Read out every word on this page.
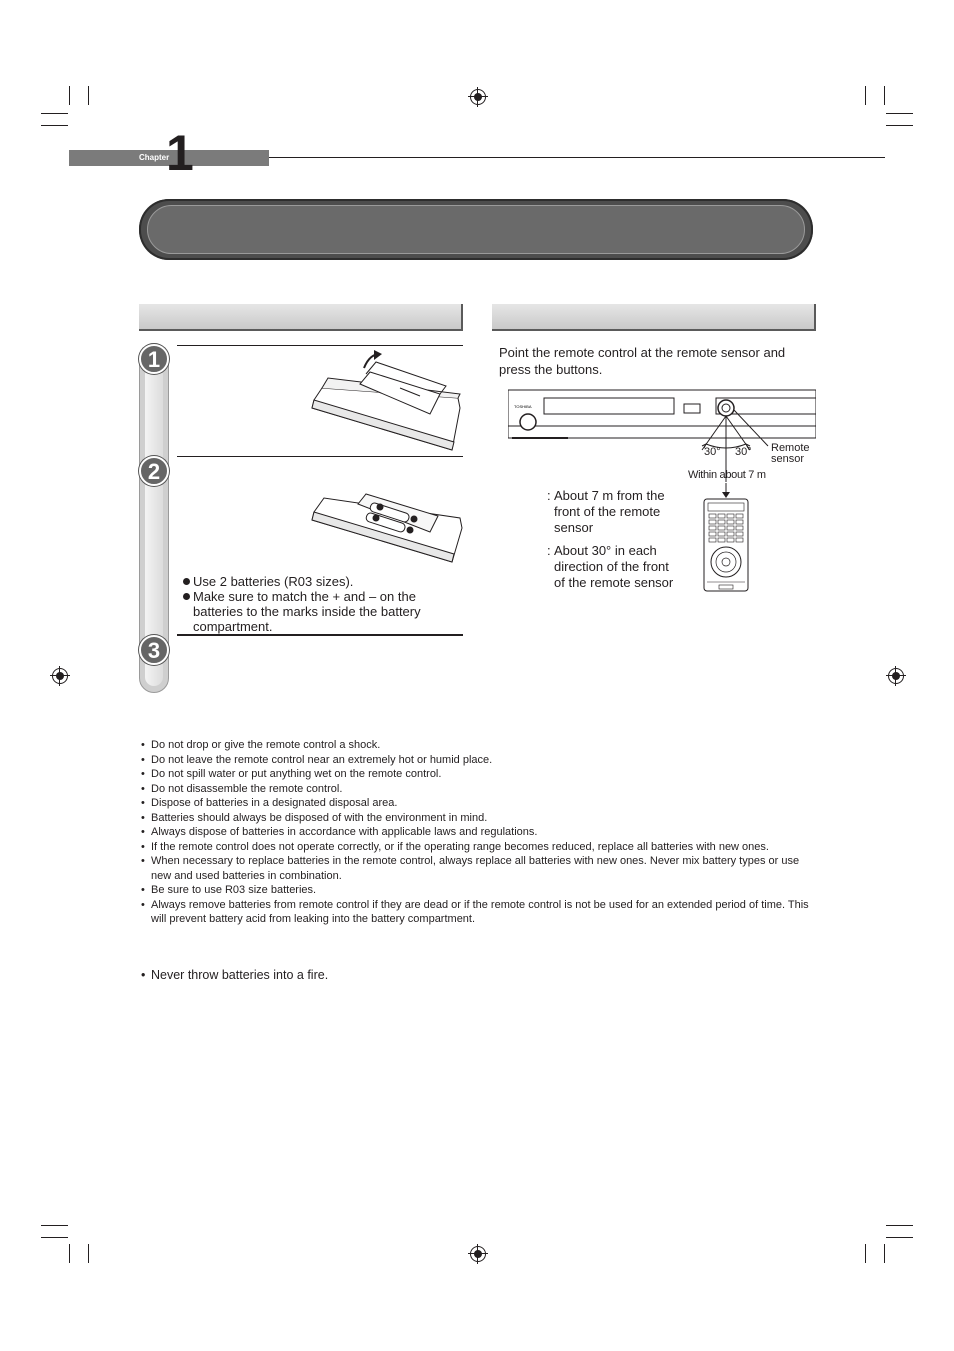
Chapter
1
1
2
3
Use 2 batteries (R03 sizes).
Make sure to match the + and – on the batteries to the marks inside the battery compartment.
Point the remote control at the remote sensor and press the buttons.
TOSHIBA
30° 30° Remote
sensor
Within about 7 m
: About 7 m from the front of the remote sensor
: About 30° in each direction of the front of the remote sensor
• Do not drop or give the remote control a shock.
• Do not leave the remote control near an extremely hot or humid place.
• Do not spill water or put anything wet on the remote control.
• Do not disassemble the remote control.
• Dispose of batteries in a designated disposal area.
• Batteries should always be disposed of with the environment in mind.
• Always dispose of batteries in accordance with applicable laws and regulations.
• If the remote control does not operate correctly, or if the operating range becomes reduced, replace all batteries with new ones.
• When necessary to replace batteries in the remote control, always replace all batteries with new ones. Never mix battery types or use new and used batteries in combination.
• Be sure to use R03 size batteries.
• Always remove batteries from remote control if they are dead or if the remote control is not be used for an extended period of time. This will prevent battery acid from leaking into the battery compartment.
• Never throw batteries into a fire.
